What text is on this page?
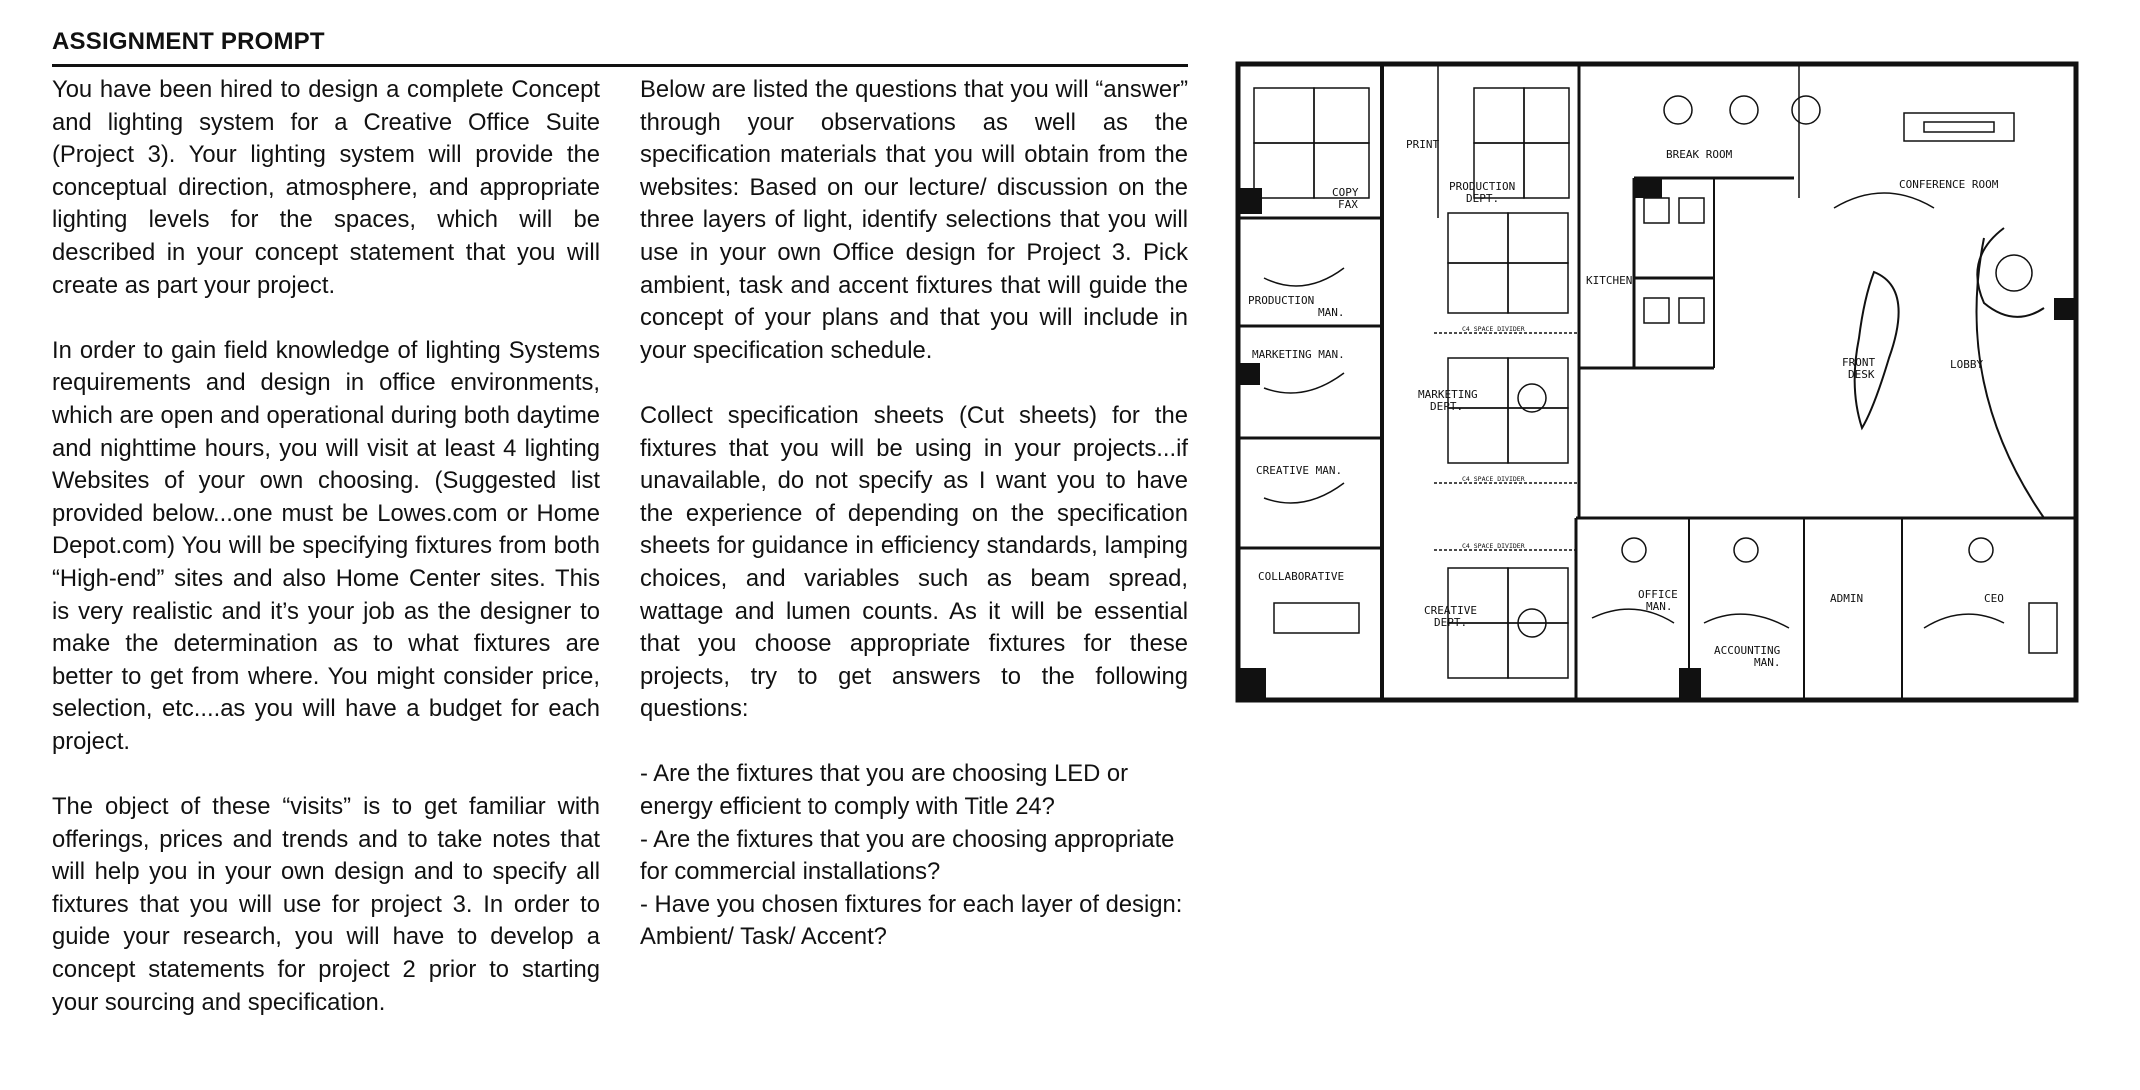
ASSIGNMENT PROMPT

You have been hired to design a complete Concept and lighting system for a Creative Office Suite (Project 3). Your lighting system will provide the conceptual direction, atmosphere, and appropriate lighting levels for the spaces, which will be described in your concept statement that you will create as part your project.

In order to gain field knowledge of lighting Systems requirements and design in office environments, which are open and operational during both daytime and nighttime hours, you will visit at least 4 lighting Websites of your own choosing. (Suggested list provided below...one must be Lowes.com or Home Depot.com) You will be specifying fixtures from both “High-end” sites and also Home Center sites. This is very realistic and it’s your job as the designer to make the determination as to what fixtures are better to get from where. You might consider price, selection, etc....as you will have a budget for each project.

The object of these “visits” is to get familiar with offerings, prices and trends and to take notes that will help you in your own design and to specify all fixtures that you will use for project 3. In order to guide your research, you will have to develop a concept statements for project 2 prior to starting your sourcing and specification.

Below are listed the questions that you will “answer” through your observations as well as the specification materials that you will obtain from the websites: Based on our lecture/ discussion on the three layers of light, identify selections that you will use in your own Office design for Project 3. Pick ambient, task and accent fixtures that will guide the concept of your plans and that you will include in your specification schedule.

Collect specification sheets (Cut sheets) for the fixtures that you will be using in your projects...if unavailable, do not specify as I want you to have the experience of depending on the specification sheets for guidance in efficiency standards, lamping choices, and variables such as beam spread, wattage and lumen counts. As it will be essential that you choose appropriate fixtures for these projects, try to get answers to the following questions:

- Are the fixtures that you are choosing LED or energy efficient to comply with Title 24?
- Are the fixtures that you are choosing appropriate for commercial installations?
- Have you chosen fixtures for each layer of design: Ambient/ Task/ Accent?
COPY
FAX
PRINT
PRODUCTION
DEPT.
BREAK ROOM
CONFERENCE ROOM
PRODUCTION
MAN.
KITCHEN
MARKETING MAN.
MARKETING
DEPT.
FRONT
DESK
LOBBY
CREATIVE MAN.
COLLABORATIVE
CREATIVE
DEPT.
OFFICE
MAN.
ADMIN	CEO
ACCOUNTING
MAN.
C4 SPACE DIVIDER
C4 SPACE DIVIDER
C4 SPACE DIVIDER
